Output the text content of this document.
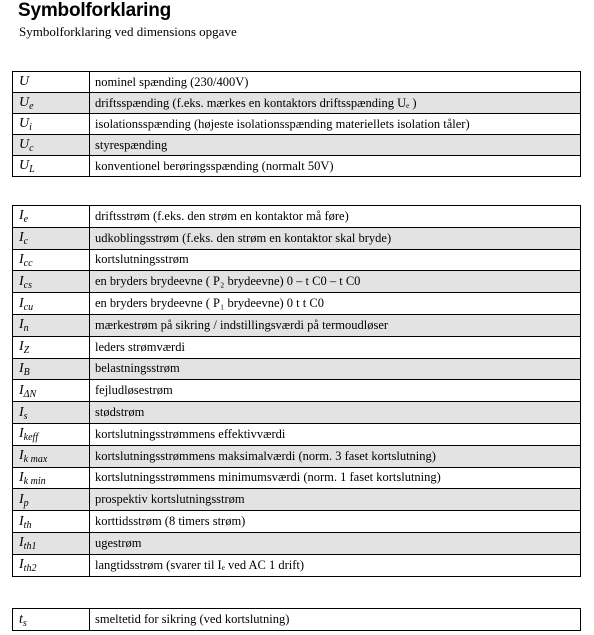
Symbolforklaring
Symbolforklaring ved dimensions opgave
U	nominel spænding (230/400V)
$U_e$	driftsspænding (f.eks. mærkes en kontaktors driftsspænding Uₑ )
$U_i$	isolationsspænding (højeste isolationsspænding materiellets isolation tåler)
$U_c$	styrespænding
$U_L$	konventionel berøringsspænding (normalt 50V)
$I_e$	driftsstrøm (f.eks. den strøm en kontaktor må føre)
$I_c$	udkoblingsstrøm (f.eks. den strøm en kontaktor skal bryde)
$I_{cc}$	kortslutningsstrøm
$I_{cs}$	en bryders brydeevne ( P₂ brydeevne) 0 – t C0 – t C0
$I_{cu}$	en bryders brydeevne ( P₁ brydeevne) 0 t t C0
$I_n$	mærkestrøm på sikring / indstillingsværdi på termoudløser
$I_Z$	leders strømværdi
$I_B$	belastningsstrøm
$I_{\Delta N}$	fejludløsestrøm
$I_s$	stødstrøm
$I_{keff}$	kortslutningsstrømmens effektivværdi
$I_{k max}$	kortslutningsstrømmens maksimalværdi (norm. 3 faset kortslutning)
$I_{k min}$	kortslutningsstrømmens minimumsværdi (norm. 1 faset kortslutning)
$I_p$	prospektiv kortslutningsstrøm
$I_{th}$	korttidsstrøm (8 timers strøm)
$I_{th1}$	ugestrøm
$I_{th2}$	langtidsstrøm (svarer til Iₑ ved AC 1 drift)
$t_s$	smeltetid for sikring (ved kortslutning)
